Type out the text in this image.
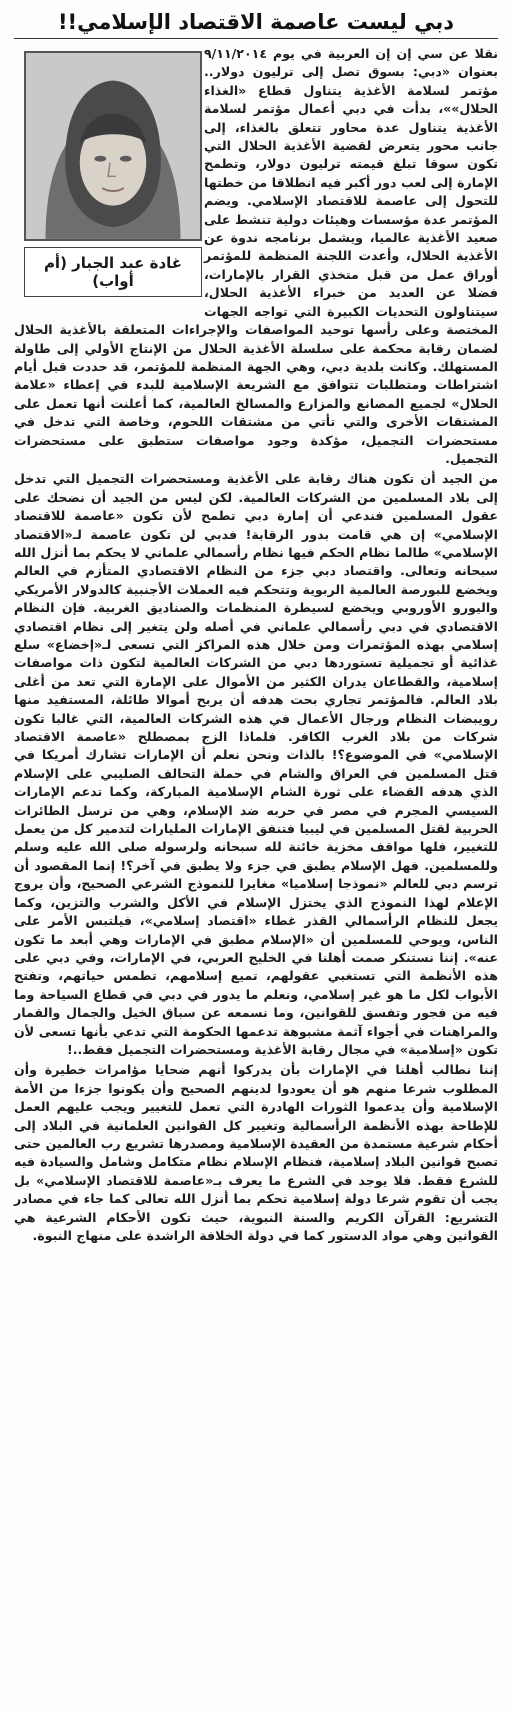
دبي ليست عاصمة الاقتصاد الإسلامي!!
غادة عبد الجبار (أم أواب)

نقلا عن سي إن إن العربية في يوم ٩/١١/٢٠١٤ بعنوان «دبي: بسوق تصل إلى ترليون دولار.. مؤتمر لسلامة الأغذية يتناول قطاع «الغذاء الحلال»»، بدأت في دبي أعمال مؤتمر لسلامة الأغذية يتناول عدة محاور تتعلق بالغذاء، إلى جانب محور يتعرض لقضية الأغذية الحلال التي تكون سوقا تبلغ قيمته ترليون دولار، وتطمح الإمارة إلى لعب دور أكبر فيه انطلاقا من خطتها للتحول إلى عاصمة للاقتصاد الإسلامي. ويضم المؤتمر عدة مؤسسات وهيئات دولية تنشط على صعيد الأغذية عالميا، ويشمل برنامجه ندوة عن الأغذية الحلال، وأعدت اللجنة المنظمة للمؤتمر أوراق عمل من قبل متخذي القرار بالإمارات، فضلا عن العديد من خبراء الأغذية الحلال، سيتناولون التحديات الكبيرة التي تواجه الجهات المختصة وعلى رأسها توحيد المواصفات والإجراءات المتعلقة بالأغذية الحلال لضمان رقابة محكمة على سلسلة الأغذية الحلال من الإنتاج الأولي إلى طاولة المستهلك. وكانت بلدية دبي، وهي الجهة المنظمة للمؤتمر، قد حددت قبل أيام اشتراطات ومتطلبات تتوافق مع الشريعة الإسلامية للبدء في إعطاء «علامة الحلال» لجميع المصانع والمزارع والمسالخ العالمية، كما أعلنت أنها تعمل على المشتقات الأخرى والتي تأتي من مشتقات اللحوم، وخاصة التي تدخل في مستحضرات التجميل، مؤكدة وجود مواصفات ستطبق على مستحضرات التجميل.

من الجيد أن تكون هناك رقابة على الأغذية ومستحضرات التجميل التي تدخل إلى بلاد المسلمين من الشركات العالمية. لكن ليس من الجيد أن نضحك على عقول المسلمين فندعي أن إمارة دبي تطمح لأن تكون «عاصمة للاقتصاد الإسلامي» إن هي قامت بدور الرقابة! فدبي لن تكون عاصمة لـ«الاقتصاد الإسلامي» طالما نظام الحكم فيها نظام رأسمالي علماني لا يحكم بما أنزل الله سبحانه وتعالى. واقتصاد دبي جزء من النظام الاقتصادي المتأزم في العالم ويخضع للبورصة العالمية الربوية وتتحكم فيه العملات الأجنبية كالدولار الأمريكي واليورو الأوروبي ويخضع لسيطرة المنظمات والصناديق الغربية. فإن النظام الاقتصادي في دبي رأسمالي علماني في أصله ولن يتغير إلى نظام اقتصادي إسلامي بهذه المؤتمرات ومن خلال هذه المراكز التي تسعى لـ«إخضاع» سلع غذائية أو تجميلية تستوردها دبي من الشركات العالمية لتكون ذات مواصفات إسلامية، والقطاعان يدران الكثير من الأموال على الإمارة التي تعد من أغلى بلاد العالم. فالمؤتمر تجاري بحت هدفه أن يربح أموالا طائلة، المستفيد منها رويبضات النظام ورجال الأعمال في هذه الشركات العالمية، التي غالبا تكون شركات من بلاد الغرب الكافر. فلماذا الزج بمصطلح «عاصمة الاقتصاد الإسلامي» في الموضوع؟! بالذات ونحن نعلم أن الإمارات تشارك أمريكا في قتل المسلمين في العراق والشام في حملة التحالف الصليبي على الإسلام الذي هدفه القضاء على ثورة الشام الإسلامية المباركة، وكما تدعم الإمارات السيسي المجرم في مصر في حربه ضد الإسلام، وهي من ترسل الطائرات الحربية لقتل المسلمين في ليبيا فتنفق الإمارات المليارات لتدمير كل من يعمل للتغيير، فلها مواقف مخزية خائنة لله سبحانه ولرسوله صلى الله عليه وسلم وللمسلمين. فهل الإسلام يطبق في جزء ولا يطبق في آخر؟! إنما المقصود أن ترسم دبي للعالم «نموذجا إسلاميا» مغايرا للنموذج الشرعي الصحيح، وأن يروج الإعلام لهذا النموذج الذي يختزل الإسلام في الأكل والشرب والتزين، وكما يجعل للنظام الرأسمالي القذر غطاء «اقتصاد إسلامي»، فيلتبس الأمر على الناس، ويوحي للمسلمين أن «الإسلام مطبق في الإمارات وهي أبعد ما تكون عنه». إننا نستنكر صمت أهلنا في الخليج العربي، في الإمارات، وفي دبي على هذه الأنظمة التي تستغبي عقولهم، تميع إسلامهم، تطمس حياتهم، وتفتح الأبواب لكل ما هو غير إسلامي، ونعلم ما يدور في دبي في قطاع السياحة وما فيه من فجور وتفسق للقوانين، وما نسمعه عن سباق الخيل والجمال والقمار والمراهنات في أجواء آثمة مشبوهة تدعمها الحكومة التي تدعي بأنها تسعى لأن تكون «إسلامية» في مجال رقابة الأغذية ومستحضرات التجميل فقط..!

إننا نطالب أهلنا في الإمارات بأن يدركوا أنهم ضحايا مؤامرات خطيرة وأن المطلوب شرعا منهم هو أن يعودوا لدينهم الصحيح وأن يكونوا جزءا من الأمة الإسلامية وأن يدعموا الثورات الهادرة التي تعمل للتغيير ويجب عليهم العمل للإطاحة بهذه الأنظمة الرأسمالية وتغيير كل القوانين العلمانية في البلاد إلى أحكام شرعية مستمدة من العقيدة الإسلامية ومصدرها تشريع رب العالمين حتى تصبح قوانين البلاد إسلامية، فنظام الإسلام نظام متكامل وشامل والسيادة فيه للشرع فقط. فلا يوجد في الشرع ما يعرف بـ«عاصمة للاقتصاد الإسلامي» بل يجب أن تقوم شرعا دولة إسلامية تحكم بما أنزل الله تعالى كما جاء في مصادر التشريع: القرآن الكريم والسنة النبوية، حيث تكون الأحكام الشرعية هي القوانين وهي مواد الدستور كما في دولة الخلافة الراشدة على منهاج النبوة.
